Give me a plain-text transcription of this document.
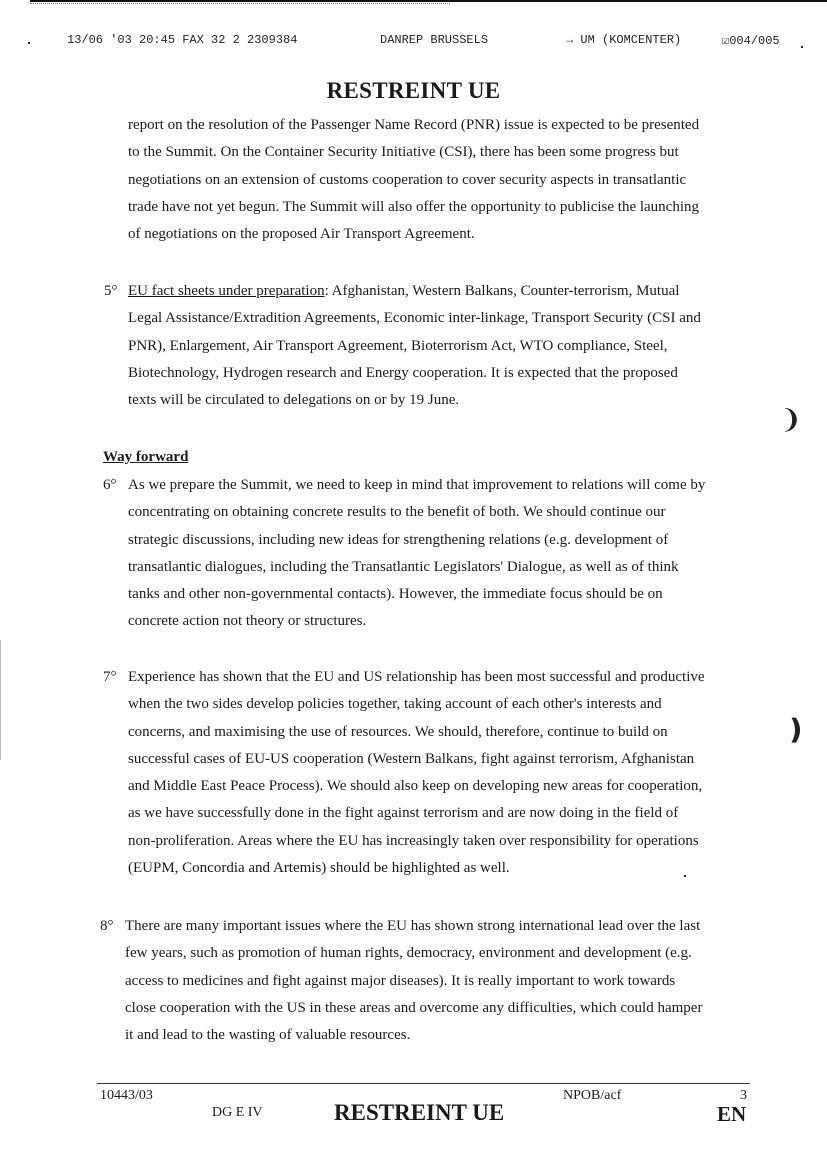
13/06 '03 20:45 FAX 32 2 2309384	DANREP BRUSSELS	→ UM (KOMCENTER)	☑004/005
RESTREINT UE
report on the resolution of the Passenger Name Record (PNR) issue is expected to be presented
to the Summit. On the Container Security Initiative (CSI), there has been some progress but
negotiations on an extension of customs cooperation to cover security aspects in transatlantic
trade have not yet begun. The Summit will also offer the opportunity to publicise the launching
of negotiations on the proposed Air Transport Agreement.
5° EU fact sheets under preparation: Afghanistan, Western Balkans, Counter-terrorism, Mutual
Legal Assistance/Extradition Agreements, Economic inter-linkage, Transport Security (CSI and
PNR), Enlargement, Air Transport Agreement, Bioterrorism Act, WTO compliance, Steel,
Biotechnology, Hydrogen research and Energy cooperation. It is expected that the proposed
texts will be circulated to delegations on or by 19 June.
Way forward
6° As we prepare the Summit, we need to keep in mind that improvement to relations will come by
concentrating on obtaining concrete results to the benefit of both. We should continue our
strategic discussions, including new ideas for strengthening relations (e.g. development of
transatlantic dialogues, including the Transatlantic Legislators' Dialogue, as well as of think
tanks and other non-governmental contacts). However, the immediate focus should be on
concrete action not theory or structures.
7° Experience has shown that the EU and US relationship has been most successful and productive
when the two sides develop policies together, taking account of each other's interests and
concerns, and maximising the use of resources. We should, therefore, continue to build on
successful cases of EU-US cooperation (Western Balkans, fight against terrorism, Afghanistan
and Middle East Peace Process). We should also keep on developing new areas for cooperation,
as we have successfully done in the fight against terrorism and are now doing in the field of
non-proliferation. Areas where the EU has increasingly taken over responsibility for operations
(EUPM, Concordia and Artemis) should be highlighted as well.
8° There are many important issues where the EU has shown strong international lead over the last
few years, such as promotion of human rights, democracy, environment and development (e.g.
access to medicines and fight against major diseases). It is really important to work towards
close cooperation with the US in these areas and overcome any difficulties, which could hamper
it and lead to the wasting of valuable resources.
10443/03
DG E IV	RESTREINT UE
NPOB/acf	3
EN
❩
❫
